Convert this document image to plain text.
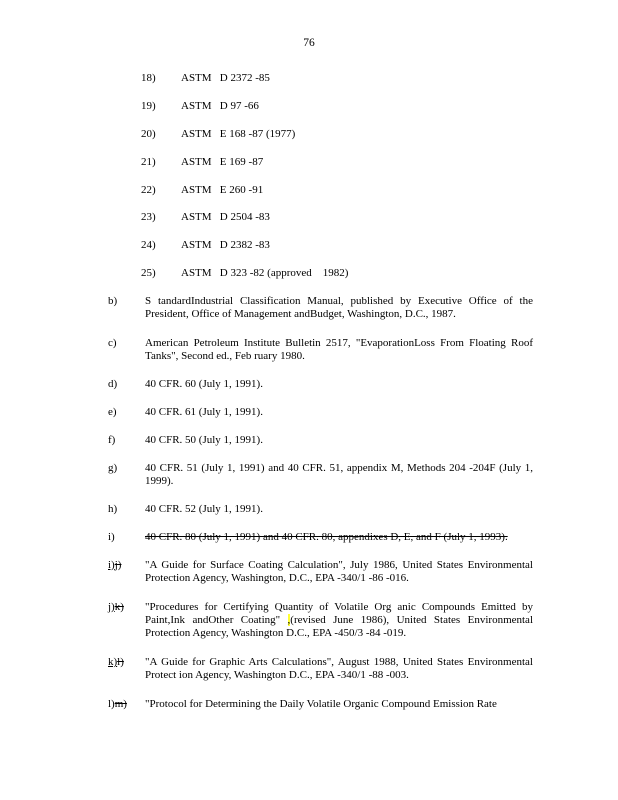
76
18) ASTM   D 2372 -85
19) ASTM   D 97 -66
20) ASTM   E 168 -87 (1977)
21) ASTM   E 169 -87
22) ASTM   E 260 -91
23) ASTM   D 2504 -83
24) ASTM   D 2382 -83
25) ASTM   D 323 -82 (approved    1982)
b)	S tandardIndustrial Classification Manual, published by Executive Office of the President, Office of Management andBudget, Washington, D.C., 1987.
c)	American Petroleum Institute Bulletin 2517, "EvaporationLoss From Floating Roof Tanks", Second ed., Feb ruary 1980.
d)	40 CFR. 60 (July 1, 1991).
e)	40 CFR. 61 (July 1, 1991).
f)	40 CFR. 50 (July 1, 1991).
g)	40 CFR. 51 (July 1, 1991) and 40 CFR. 51, appendix M, Methods 204 -204F (July 1, 1999).
h)	40 CFR. 52 (July 1, 1991).
i)	40 CFR. 80 (July 1, 1991) and 40 CFR. 80, appendixes D, E, and F (July 1, 1993).
i)j)	"A Guide for Surface Coating Calculation", July 1986, United States Environmental Protection Agency, Washington, D.C., EPA -340/1 -86 -016.
j)k)	"Procedures for Certifying Quantity of Volatile Org anic Compounds Emitted by Paint,Ink andOther Coating" ,(revised June 1986), United States Environmental Protection Agency, Washington D.C., EPA -450/3 -84 -019.
k)l)	"A Guide for Graphic Arts Calculations", August 1988, United States Environmental Protect ion Agency, Washington D.C., EPA -340/1 -88 -003.
l)m)	"Protocol for Determining the Daily Volatile Organic Compound Emission Rate
